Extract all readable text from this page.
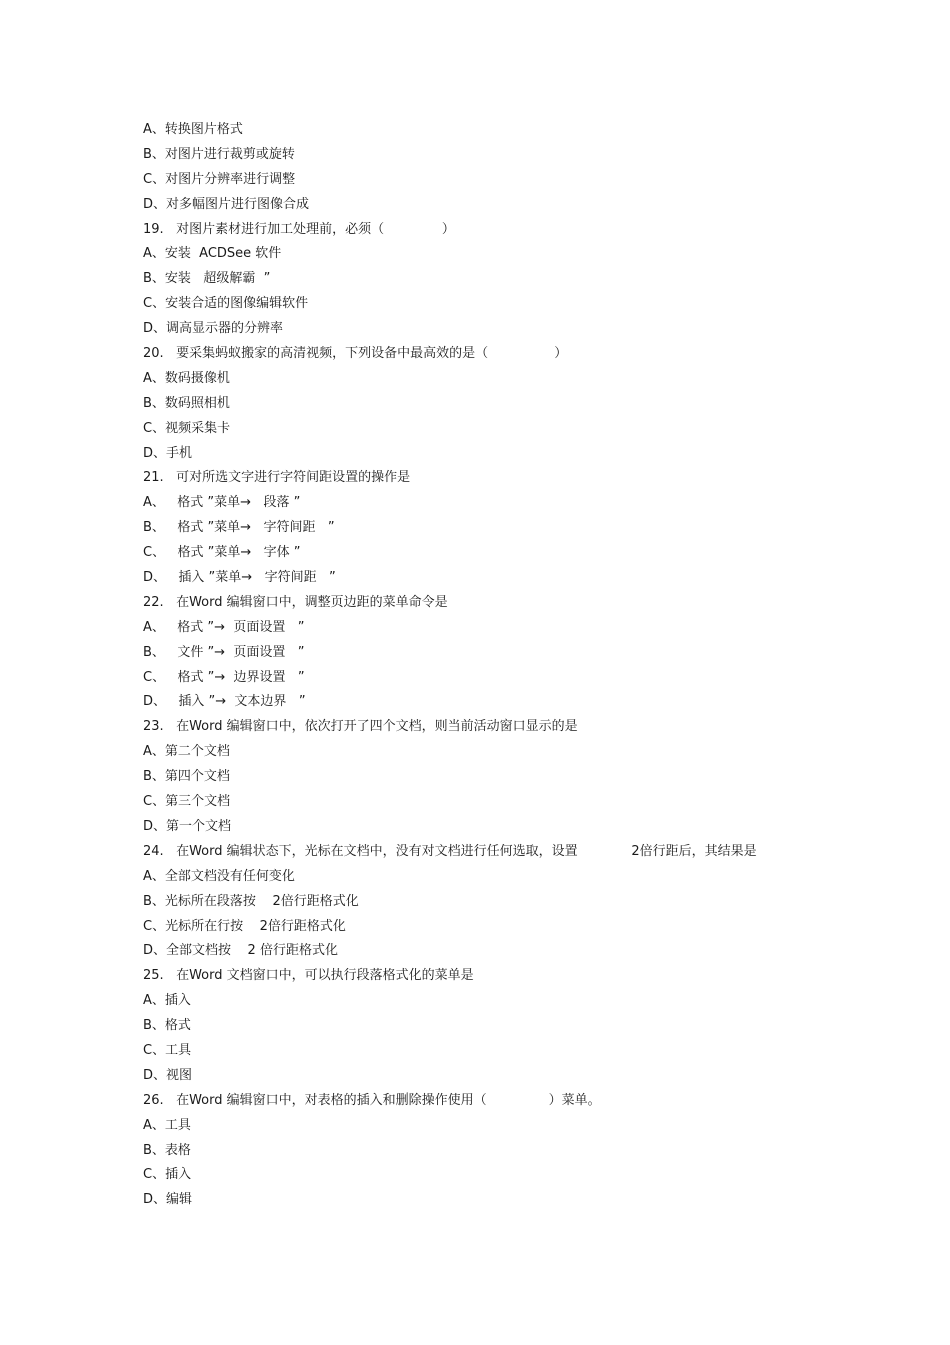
A、转换图片格式
B、对图片进行裁剪或旋转
C、对图片分辨率进行调整
D、对多幅图片进行图像合成
19.   对图片素材进行加工处理前，必须（              ）
A、安装  ACDSee 软件
B、安装   超级解霸  ”
C、安装合适的图像编辑软件
D、调高显示器的分辨率
20.   要采集蚂蚁搬家的高清视频，下列设备中最高效的是（                ）
A、数码摄像机
B、数码照相机
C、视频采集卡
D、手机
21.   可对所选文字进行字符间距设置的操作是
A、   格式 ”菜单→   段落 ”
B、   格式 ”菜单→   字符间距   ”
C、   格式 ”菜单→   字体 ”
D、   插入 ”菜单→   字符间距   ”
22.   在Word 编辑窗口中，调整页边距的菜单命令是
A、   格式 ”→  页面设置   ”
B、   文件 ”→  页面设置   ”
C、   格式 ”→  边界设置   ”
D、   插入 ”→  文本边界   ”
23.   在Word 编辑窗口中，依次打开了四个文档，则当前活动窗口显示的是
A、第二个文档
B、第四个文档
C、第三个文档
D、第一个文档
24.   在Word 编辑状态下，光标在文档中，没有对文档进行任何选取，设置             2倍行距后，其结果是
A、全部文档没有任何变化
B、光标所在段落按    2倍行距格式化
C、光标所在行按    2倍行距格式化
D、全部文档按    2 倍行距格式化
25.   在Word 文档窗口中，可以执行段落格式化的菜单是
A、插入
B、格式
C、工具
D、视图
26.   在Word 编辑窗口中，对表格的插入和删除操作使用（               ）菜单。
A、工具
B、表格
C、插入
D、编辑
